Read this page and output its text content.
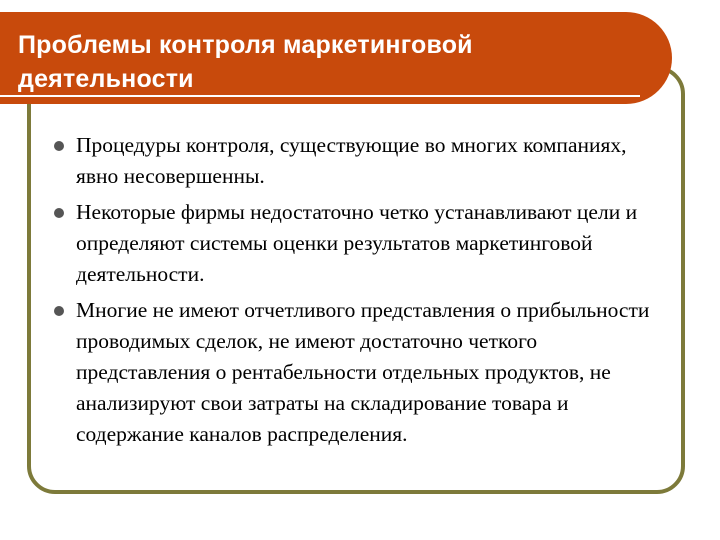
Проблемы контроля маркетинговой деятельности
Процедуры контроля, существующие во многих компаниях, явно несовершенны.
Некоторые фирмы недостаточно четко устанавливают цели и определяют системы оценки результатов маркетинговой деятельности.
Многие не имеют отчетливого представления о прибыльности проводимых сделок, не имеют достаточно четкого представления о рентабельности отдельных продуктов, не анализируют свои затраты на складирование товара и содержание каналов распределения.
